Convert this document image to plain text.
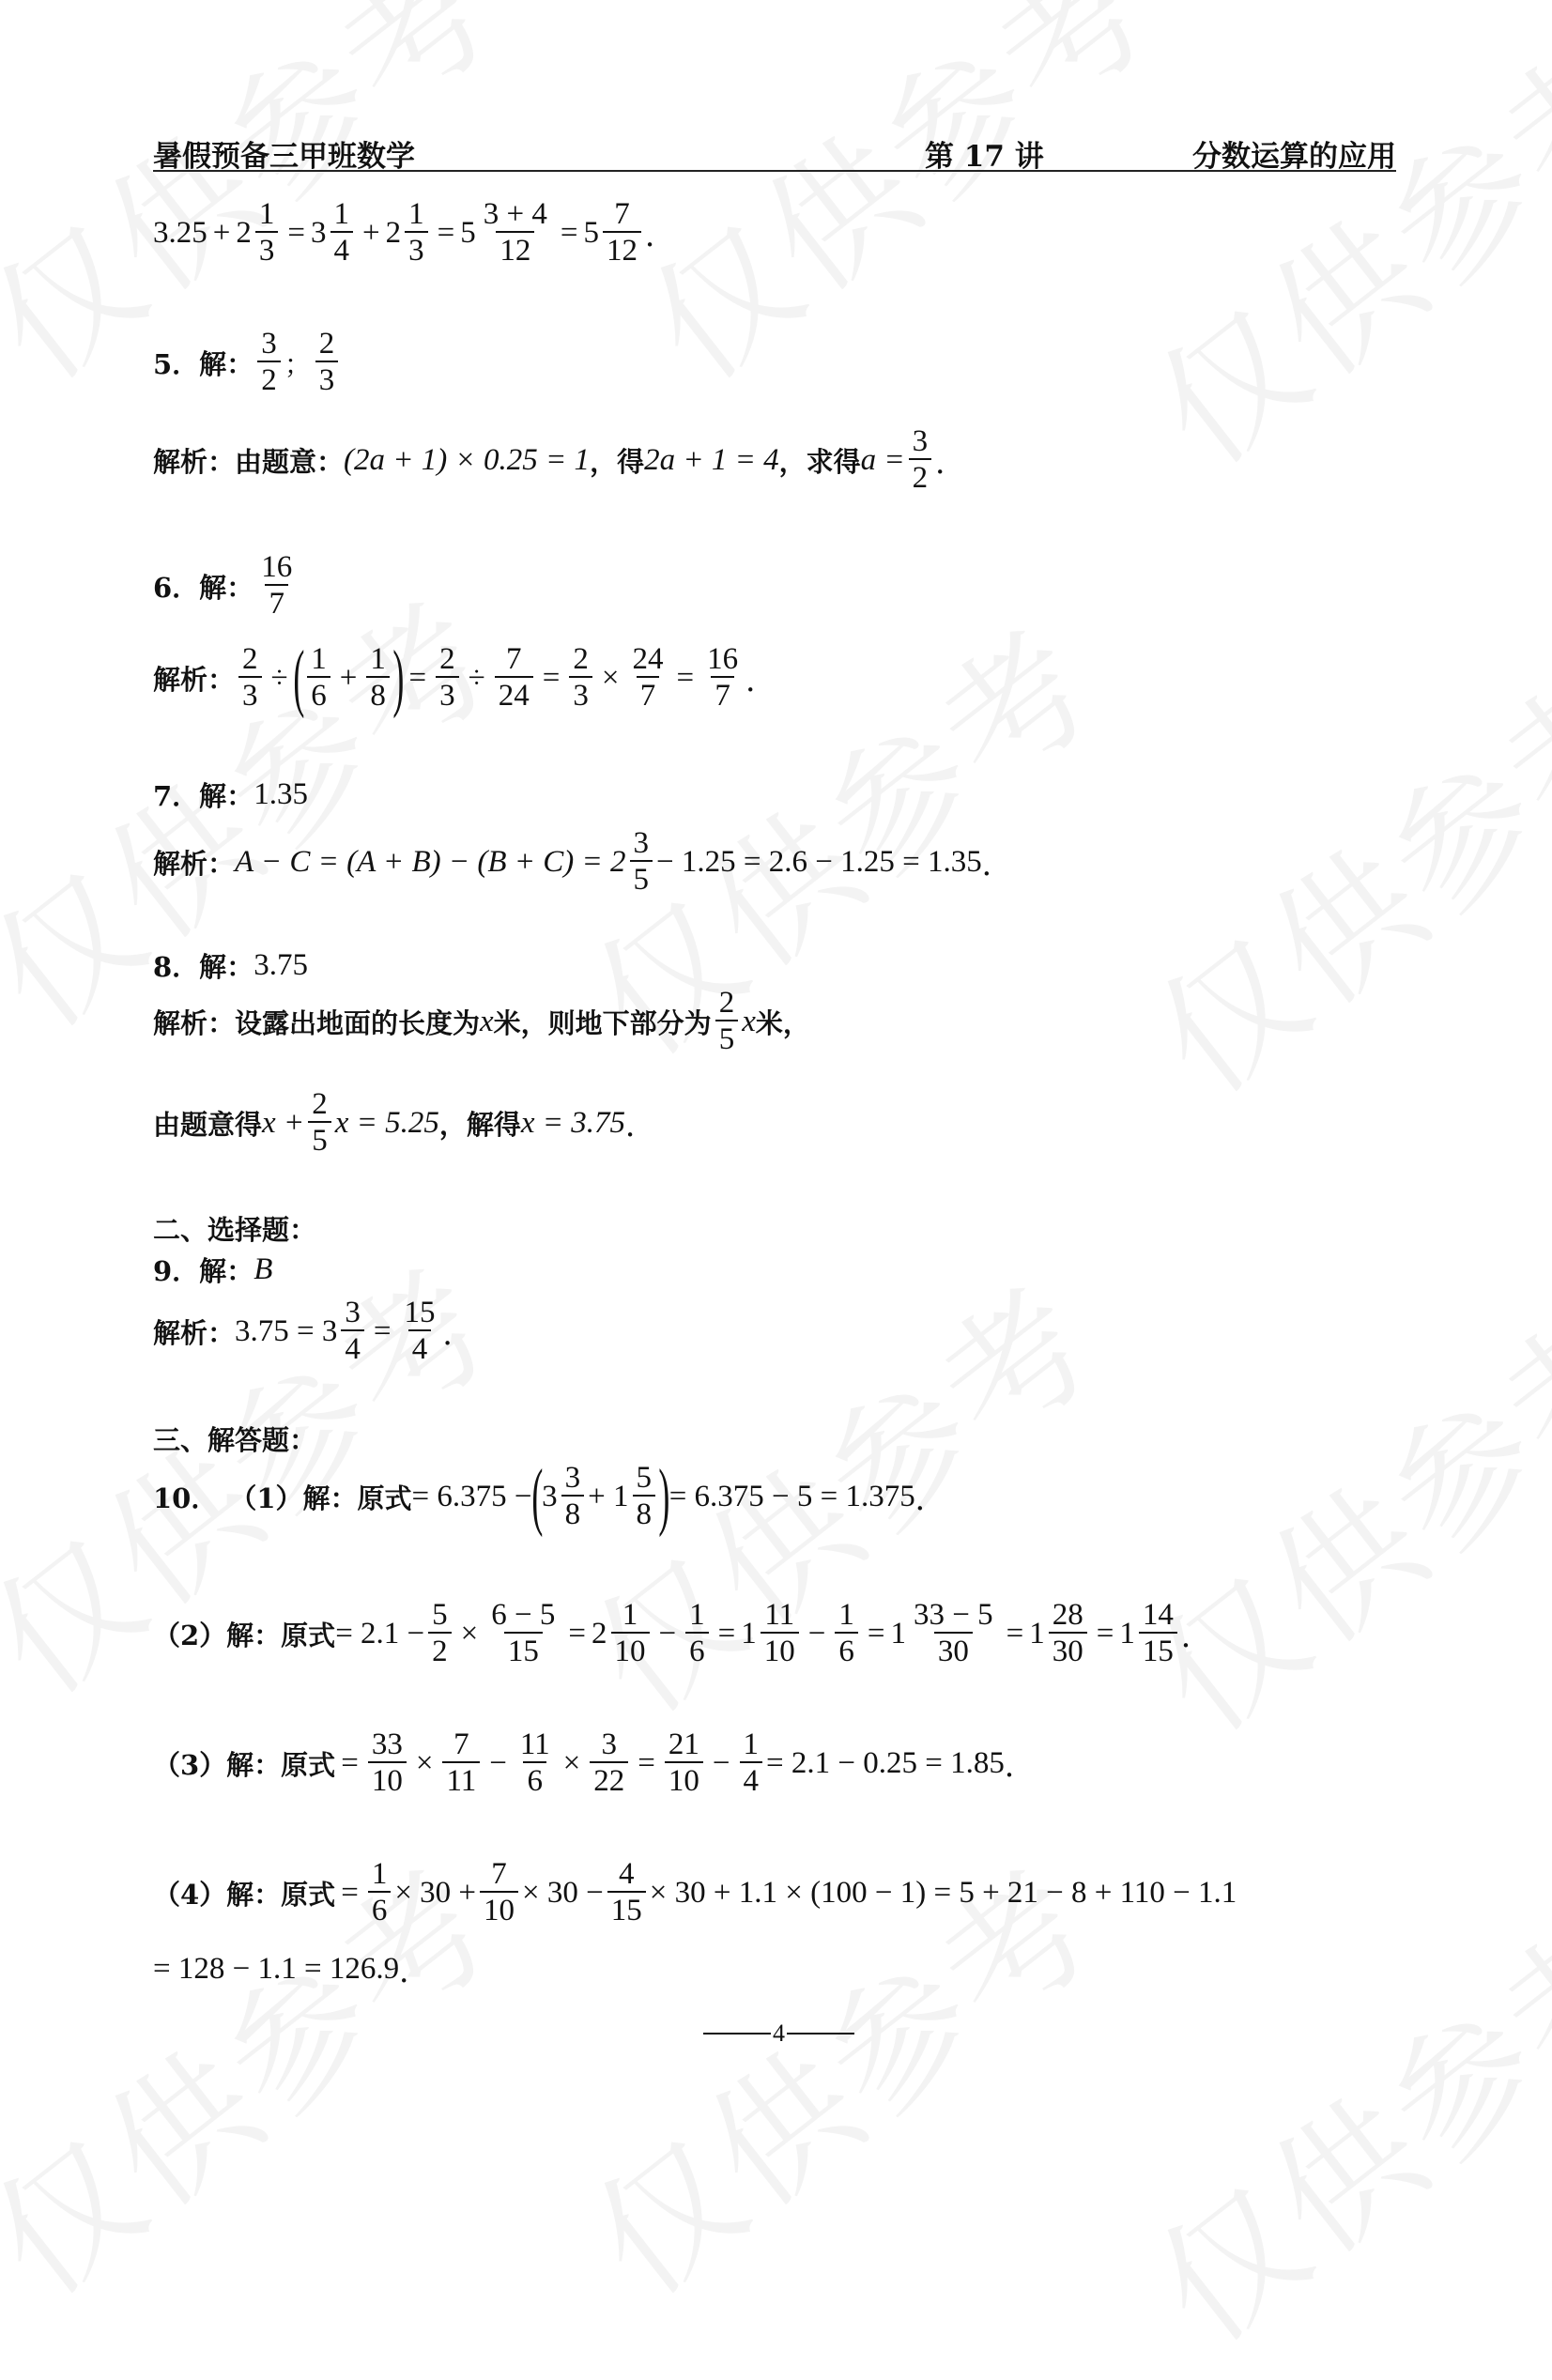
暑假预备三甲班数学	第 17 讲	分数运算的应用
$3.25 + 2 \frac{1}{3} = 3 \frac{1}{4} + 2 \frac{1}{3} = 5 \frac{3 + 4}{12} = 5 \frac{7}{12}$ ．
5．解： $\frac{3}{2}$ ； $\frac{2}{3}$
解析：由题意： (2a + 1) × 0.25 = 1 ，得 2a + 1 = 4 ，求得 $a = \frac{3}{2}$ ．
6．解： $\frac{16}{7}$
解析： $\frac{2}{3}$ ÷ ( $\frac{1}{6} + \frac{1}{8}$ ) = $\frac{2}{3} \div \frac{7}{24} = \frac{2}{3} \times \frac{24}{7} = \frac{16}{7}$ ．
7．解： 1.35
解析： $A - C = (A + B) - (B + C) = 2 \frac{3}{5} - 1.25 = 2.6 - 1.25 = 1.35$ ．
8．解： 3.75
解析：设露出地面的长度为 x 米，则地下部分为 $\frac{2}{5}$ x 米，
由题意得 $x + \frac{2}{5}$ x = 5.25 ，解得 x = 3.75 ．
二、选择题：
9．解： B
解析： $3.75 = 3 \frac{3}{4} = \frac{15}{4}$ ．
三、解答题：
10． （1）解：原式 = 6.375 − ( $3 \frac{3}{8} + 1 \frac{5}{8}$ ) = 6.375 − 5 = 1.375 ．
（2）解：原式 = $2.1 - \frac{5}{2} \times \frac{6 - 5}{15} = 2 \frac{1}{10} - \frac{1}{6} = 1 \frac{11}{10} - \frac{1}{6} = 1 \frac{33 - 5}{30} = 1 \frac{28}{30} = 1 \frac{14}{15}$ ．
（3）解：原式 = $\frac{33}{10} \times \frac{7}{11} - \frac{11}{6} \times \frac{3}{22} = \frac{21}{10} - \frac{1}{4} = 2.1 - 0.25 = 1.85$ ．
（4）解：原式 = $\frac{1}{6} \times 30 + \frac{7}{10} \times 30 - \frac{4}{15} \times 30 + 1.1 \times (100 - 1) = 5 + 21 - 8 + 110 - 1.1$
= 128 − 1.1 = 126.9 ．
4
